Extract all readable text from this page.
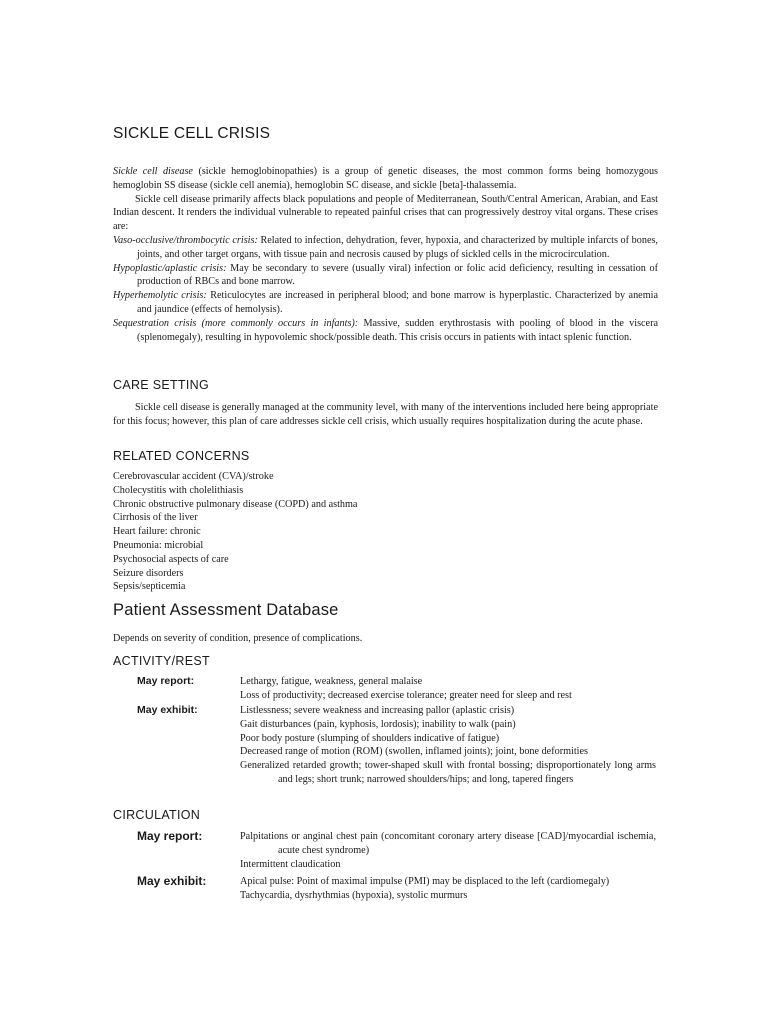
SICKLE CELL CRISIS

Sickle cell disease (sickle hemoglobinopathies) is a group of genetic diseases, the most common forms being homozygous hemoglobin SS disease (sickle cell anemia), hemoglobin SC disease, and sickle [beta]-thalassemia.

Sickle cell disease primarily affects black populations and people of Mediterranean, South/Central American, Arabian, and East Indian descent. It renders the individual vulnerable to repeated painful crises that can progressively destroy vital organs. These crises are:

Vaso-occlusive/thrombocytic crisis: Related to infection, dehydration, fever, hypoxia, and characterized by multiple infarcts of bones, joints, and other target organs, with tissue pain and necrosis caused by plugs of sickled cells in the microcirculation.

Hypoplastic/aplastic crisis: May be secondary to severe (usually viral) infection or folic acid deficiency, resulting in cessation of production of RBCs and bone marrow.

Hyperhemolytic crisis: Reticulocytes are increased in peripheral blood; and bone marrow is hyperplastic. Characterized by anemia and jaundice (effects of hemolysis).

Sequestration crisis (more commonly occurs in infants): Massive, sudden erythrostasis with pooling of blood in the viscera (splenomegaly), resulting in hypovolemic shock/possible death. This crisis occurs in patients with intact splenic function.

CARE SETTING

Sickle cell disease is generally managed at the community level, with many of the interventions included here being appropriate for this focus; however, this plan of care addresses sickle cell crisis, which usually requires hospitalization during the acute phase.

RELATED CONCERNS

Cerebrovascular accident (CVA)/stroke

Cholecystitis with cholelithiasis

Chronic obstructive pulmonary disease (COPD) and asthma

Cirrhosis of the liver

Heart failure: chronic

Pneumonia: microbial

Psychosocial aspects of care

Seizure disorders

Sepsis/septicemia

Patient Assessment Database

Depends on severity of condition, presence of complications.

ACTIVITY/REST
May report:	Lethargy, fatigue, weakness, general malaise

Loss of productivity; decreased exercise tolerance; greater need for sleep and rest

May exhibit:	Listlessness; severe weakness and increasing pallor (aplastic crisis)

Gait disturbances (pain, kyphosis, lordosis); inability to walk (pain)

Poor body posture (slumping of shoulders indicative of fatigue)

Decreased range of motion (ROM) (swollen, inflamed joints); joint, bone deformities

Generalized retarded growth; tower-shaped skull with frontal bossing; disproportionately long arms and legs; short trunk; narrowed shoulders/hips; and long, tapered fingers

CIRCULATION
May report:	Palpitations or anginal chest pain (concomitant coronary artery disease [CAD]/myocardial ischemia, acute chest syndrome)

Intermittent claudication

May exhibit:	Apical pulse: Point of maximal impulse (PMI) may be displaced to the left (cardiomegaly)

Tachycardia, dysrhythmias (hypoxia), systolic murmurs
